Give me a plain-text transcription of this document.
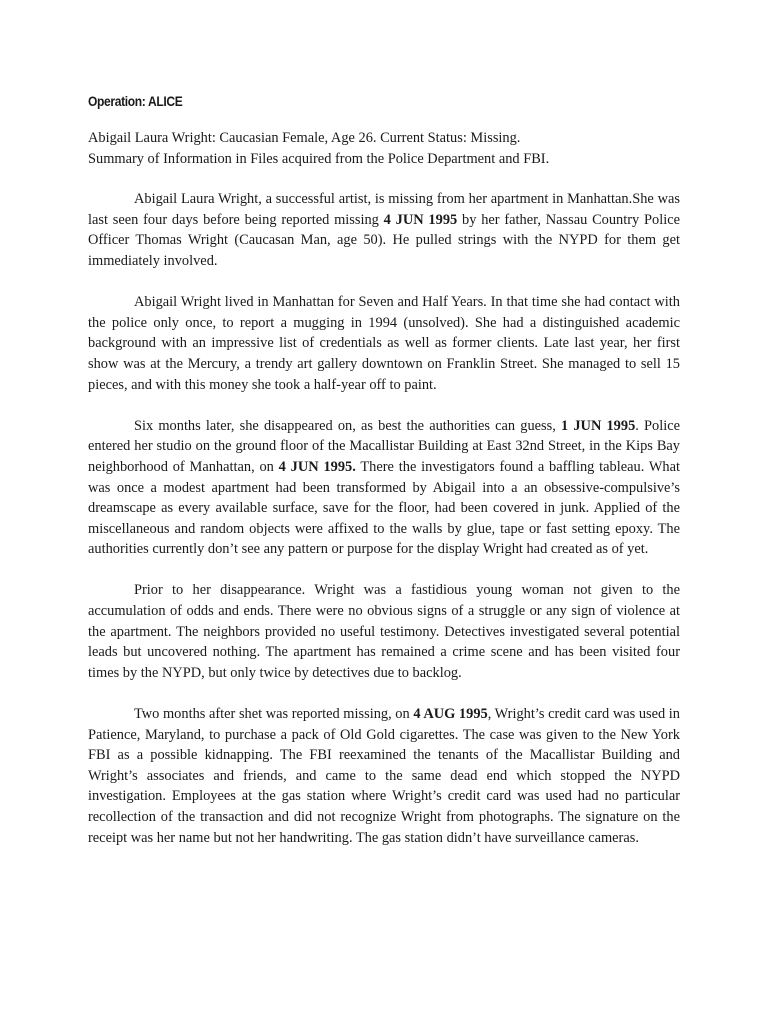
Operation: ALICE
Abigail Laura Wright: Caucasian Female, Age 26. Current Status: Missing.
Summary of Information in Files acquired from the Police Department and FBI.

Abigail Laura Wright, a successful artist, is missing from her apartment in Manhattan.She was last seen four days before being reported missing 4 JUN 1995 by her father, Nassau Country Police Officer Thomas Wright (Caucasan Man, age 50). He pulled strings with the NYPD for them get immediately involved.

Abigail Wright lived in Manhattan for Seven and Half Years. In that time she had contact with the police only once, to report a mugging in 1994 (unsolved). She had a distinguished academic background with an impressive list of credentials as well as former clients. Late last year, her first show was at the Mercury, a trendy art gallery downtown on Franklin Street. She managed to sell 15 pieces, and with this money she took a half-year off to paint.

Six months later, she disappeared on, as best the authorities can guess, 1 JUN 1995. Police entered her studio on the ground floor of the Macallistar Building at East 32nd Street, in the Kips Bay neighborhood of Manhattan, on 4 JUN 1995. There the investigators found a baffling tableau. What was once a modest apartment had been transformed by Abigail into a an obsessive-compulsive’s dreamscape as every available surface, save for the floor, had been covered in junk. Applied of the miscellaneous and random objects were affixed to the walls by glue, tape or fast setting epoxy. The authorities currently don’t see any pattern or purpose for the display Wright had created as of yet.

Prior to her disappearance. Wright was a fastidious young woman not given to the accumulation of odds and ends. There were no obvious signs of a struggle or any sign of violence at the apartment. The neighbors provided no useful testimony. Detectives investigated several potential leads but uncovered nothing. The apartment has remained a crime scene and has been visited four times by the NYPD, but only twice by detectives due to backlog.

Two months after shet was reported missing, on 4 AUG 1995, Wright’s credit card was used in Patience, Maryland, to purchase a pack of Old Gold cigarettes. The case was given to the New York FBI as a possible kidnapping. The FBI reexamined the tenants of the Macallistar Building and Wright’s associates and friends, and came to the same dead end which stopped the NYPD investigation. Employees at the gas station where Wright’s credit card was used had no particular recollection of the transaction and did not recognize Wright from photographs. The signature on the receipt was her name but not her handwriting. The gas station didn’t have surveillance cameras.
